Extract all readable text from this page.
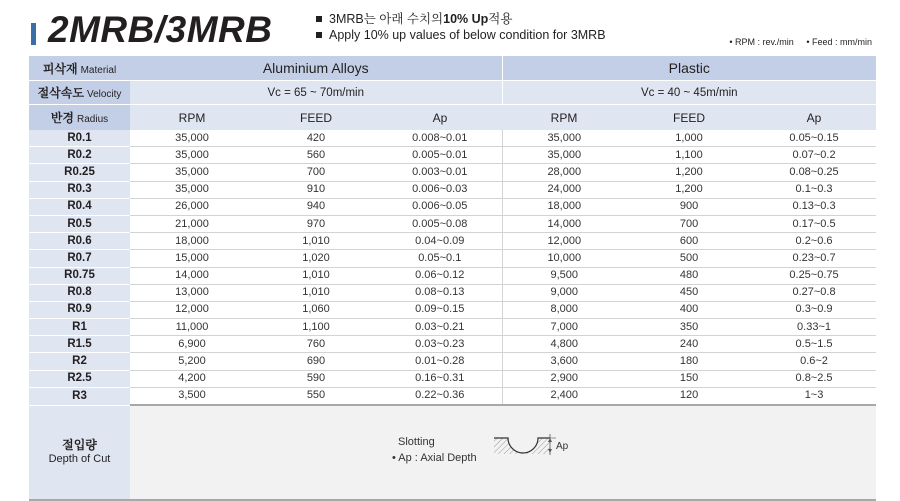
2MRB/3MRB	3MRB는 아래 수치의 10% Up 적용
Apply 10% up values of below condition for 3MRB	• RPM : rev./min • Feed : mm/min
피삭재 Material	Aluminium Alloys			Plastic		
절삭속도 Velocity	Vc = 65 ~ 70m/min			Vc = 40 ~ 45m/min		
반경 Radius	RPM	FEED	Ap	RPM	FEED	Ap
R0.1	35,000	420	0.008~0.01	35,000	1,000	0.05~0.15
R0.2	35,000	560	0.005~0.01	35,000	1,100	0.07~0.2
R0.25	35,000	700	0.003~0.01	28,000	1,200	0.08~0.25
R0.3	35,000	910	0.006~0.03	24,000	1,200	0.1~0.3
R0.4	26,000	940	0.006~0.05	18,000	900	0.13~0.3
R0.5	21,000	970	0.005~0.08	14,000	700	0.17~0.5
R0.6	18,000	1,010	0.04~0.09	12,000	600	0.2~0.6
R0.7	15,000	1,020	0.05~0.1	10,000	500	0.23~0.7
R0.75	14,000	1,010	0.06~0.12	9,500	480	0.25~0.75
R0.8	13,000	1,010	0.08~0.13	9,000	450	0.27~0.8
R0.9	12,000	1,060	0.09~0.15	8,000	400	0.3~0.9
R1	11,000	1,100	0.03~0.21	7,000	350	0.33~1
R1.5	6,900	760	0.03~0.23	4,800	240	0.5~1.5
R2	5,200	690	0.01~0.28	3,600	180	0.6~2
R2.5	4,200	590	0.16~0.31	2,900	150	0.8~2.5
R3	3,500	550	0.22~0.36	2,400	120	1~3

절입량
Depth of Cut	Slotting
• Ap : Axial Depth
Ap					
